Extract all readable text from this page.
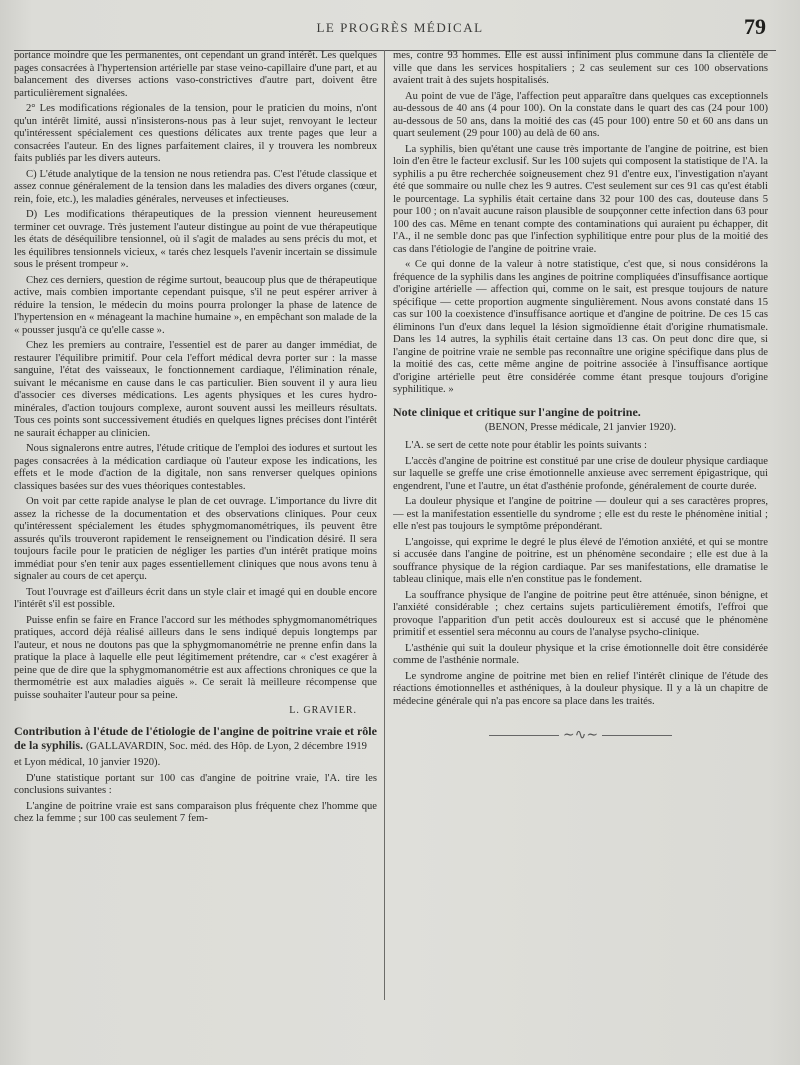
LE PROGRÈS MÉDICAL	79

portance moindre que les permanentes, ont cependant un grand intérêt. Les quelques pages consacrées à l'hypertension artérielle par stase veino-capillaire d'une part, et au balancement des diverses actions vaso-constrictives d'autre part, doivent être particulièrement signalées.

2° Les modifications régionales de la tension, pour le praticien du moins, n'ont qu'un intérêt limité, aussi n'insisterons-nous pas à leur sujet, renvoyant le lecteur qu'intéressent spécialement ces questions délicates aux trente pages que leur a consacrées l'auteur. En des lignes parfaitement claires, il y trouvera les nombreux faits publiés par les divers auteurs.

C) L'étude analytique de la tension ne nous retiendra pas. C'est l'étude classique et assez connue généralement de la tension dans les maladies des divers organes (cœur, rein, foie, etc.), les maladies générales, nerveuses et infectieuses.

D) Les modifications thérapeutiques de la pression viennent heureusement terminer cet ouvrage. Très justement l'auteur distingue au point de vue thérapeutique les états de déséquilibre tensionnel, où il s'agit de malades au sens précis du mot, et les équilibres tensionnels vicieux, « tarés chez lesquels l'avenir incertain se dissimule sous le présent trompeur ».

Chez ces derniers, question de régime surtout, beaucoup plus que de thérapeutique active, mais combien importante cependant puisque, s'il ne peut espérer arriver à réduire la tension, le médecin du moins pourra prolonger la phase de latence de l'hypertension en « ménageant la machine humaine », en empêchant son malade de la « pousser jusqu'à ce qu'elle casse ».

Chez les premiers au contraire, l'essentiel est de parer au danger immédiat, de restaurer l'équilibre primitif. Pour cela l'effort médical devra porter sur : la masse sanguine, l'état des vaisseaux, le fonctionnement cardiaque, l'élimination rénale, suivant le mécanisme en cause dans le cas particulier. Bien souvent il y aura lieu d'associer ces diverses médications. Les agents physiques et les cures hydro-minérales, d'action toujours complexe, auront souvent aussi les meilleurs résultats. Tous ces points sont successivement étudiés en quelques lignes précises dont l'intérêt ne saurait échapper au clinicien.

Nous signalerons entre autres, l'étude critique de l'emploi des iodures et surtout les pages consacrées à la médication cardiaque où l'auteur expose les indications, les effets et le mode d'action de la digitale, non sans renverser quelques opinions classiques basées sur des vues théoriques contestables.

On voit par cette rapide analyse le plan de cet ouvrage. L'importance du livre dit assez la richesse de la documentation et des observations cliniques. Pour ceux qu'intéressent spécialement les études sphygmomanométriques, ils peuvent être assurés qu'ils trouveront rapidement le renseignement ou l'indication désiré. Il sera toujours facile pour le praticien de négliger les parties d'un intérêt pratique moins immédiat pour s'en tenir aux pages essentiellement cliniques que nous avons tenu à signaler au cours de cet aperçu.

Tout l'ouvrage est d'ailleurs écrit dans un style clair et imagé qui en double encore l'intérêt s'il est possible.

Puisse enfin se faire en France l'accord sur les méthodes sphygmomanométriques pratiques, accord déjà réalisé ailleurs dans le sens indiqué depuis longtemps par l'auteur, et nous ne doutons pas que la sphygmomanométrie ne prenne enfin dans la pratique la place à laquelle elle peut légitimement prétendre, car « c'est exagérer à peine que de dire que la sphygmomanométrie est aux affections chroniques ce que la thermométrie est aux maladies aiguës ». Ce serait là meilleure récompense que puisse souhaiter l'auteur pour sa peine.

L. GRAVIER.
Contribution à l'étude de l'étiologie de l'angine de poitrine vraie et rôle de la syphilis. (GALLAVARDIN, Soc. méd. des Hôp. de Lyon, 2 décembre 1919 et Lyon médical, 10 janvier 1920).

D'une statistique portant sur 100 cas d'angine de poitrine vraie, l'A. tire les conclusions suivantes :

L'angine de poitrine vraie est sans comparaison plus fréquente chez l'homme que chez la femme ; sur 100 cas seulement 7 fem-

mes, contre 93 hommes. Elle est aussi infiniment plus commune dans la clientèle de ville que dans les services hospitaliers ; 2 cas seulement sur ces 100 observations avaient trait à des sujets hospitalisés.

Au point de vue de l'âge, l'affection peut apparaître dans quelques cas exceptionnels au-dessous de 40 ans (4 pour 100). On la constate dans le quart des cas (24 pour 100) au-dessous de 50 ans, dans la moitié des cas (45 pour 100) entre 50 et 60 ans dans un quart seulement (29 pour 100) au delà de 60 ans.

La syphilis, bien qu'étant une cause très importante de l'angine de poitrine, est bien loin d'en être le facteur exclusif. Sur les 100 sujets qui composent la statistique de l'A. la syphilis a pu être recherchée soigneusement chez 91 d'entre eux, l'investigation n'ayant été que sommaire ou nulle chez les 9 autres. C'est seulement sur ces 91 cas qu'est établi le pourcentage. La syphilis était certaine dans 32 pour 100 des cas, douteuse dans 5 pour 100 ; on n'avait aucune raison plausible de soupçonner cette infection dans 63 pour 100 des cas. Même en tenant compte des contaminations qui auraient pu échapper, dit l'A., il ne semble donc pas que l'infection syphilitique entre pour plus de la moitié des cas dans l'étiologie de l'angine de poitrine vraie.

« Ce qui donne de la valeur à notre statistique, c'est que, si nous considérons la fréquence de la syphilis dans les angines de poitrine compliquées d'insuffisance aortique d'origine artérielle — affection qui, comme on le sait, est presque toujours de nature spécifique — cette proportion augmente singulièrement. Nous avons constaté dans 15 cas sur 100 la coexistence d'insuffisance aortique et d'angine de poitrine. De ces 15 cas éliminons l'un d'eux dans lequel la lésion sigmoïdienne était d'origine rhumatismale. Dans les 14 autres, la syphilis était certaine dans 13 cas. On peut donc dire que, si l'angine de poitrine vraie ne semble pas reconnaître une origine spécifique dans plus de la moitié des cas, cette même angine de poitrine associée à l'insuffisance aortique d'origine artérielle peut être considérée comme étant presque toujours d'origine syphilitique. »

Note clinique et critique sur l'angine de poitrine.

(BENON, Presse médicale, 21 janvier 1920).

L'A. se sert de cette note pour établir les points suivants :

L'accès d'angine de poitrine est constitué par une crise de douleur physique cardiaque sur laquelle se greffe une crise émotionnelle anxieuse avec serrement épigastrique, qui engendrent, l'une et l'autre, un état d'asthénie profonde, généralement de courte durée.

La douleur physique et l'angine de poitrine — douleur qui a ses caractères propres, — est la manifestation essentielle du syndrome ; elle est du reste le phénomène initial ; elle n'est pas toujours le symptôme prépondérant.

L'angoisse, qui exprime le degré le plus élevé de l'émotion anxiété, et qui se montre si accusée dans l'angine de poitrine, est un phénomène secondaire ; elle est due à la souffrance physique de la région cardiaque. Par ses manifestations, elle dramatise le tableau clinique, mais elle n'en constitue pas le fondement.

La souffrance physique de l'angine de poitrine peut être atténuée, sinon bénigne, et l'anxiété considérable ; chez certains sujets particulièrement émotifs, l'effroi que provoque l'apparition d'un petit accès douloureux est si accusé que le phénomène primitif et essentiel sera méconnu au cours de l'analyse psycho-clinique.

L'asthénie qui suit la douleur physique et la crise émotionnelle doit être considérée comme de l'asthénie normale.

Le syndrome angine de poitrine met bien en relief l'intérêt clinique de l'étude des réactions émotionnelles et asthéniques, à la douleur physique. Il y a là un chapitre de médecine générale qui n'a pas encore sa place dans les traités.

∼∿∼
